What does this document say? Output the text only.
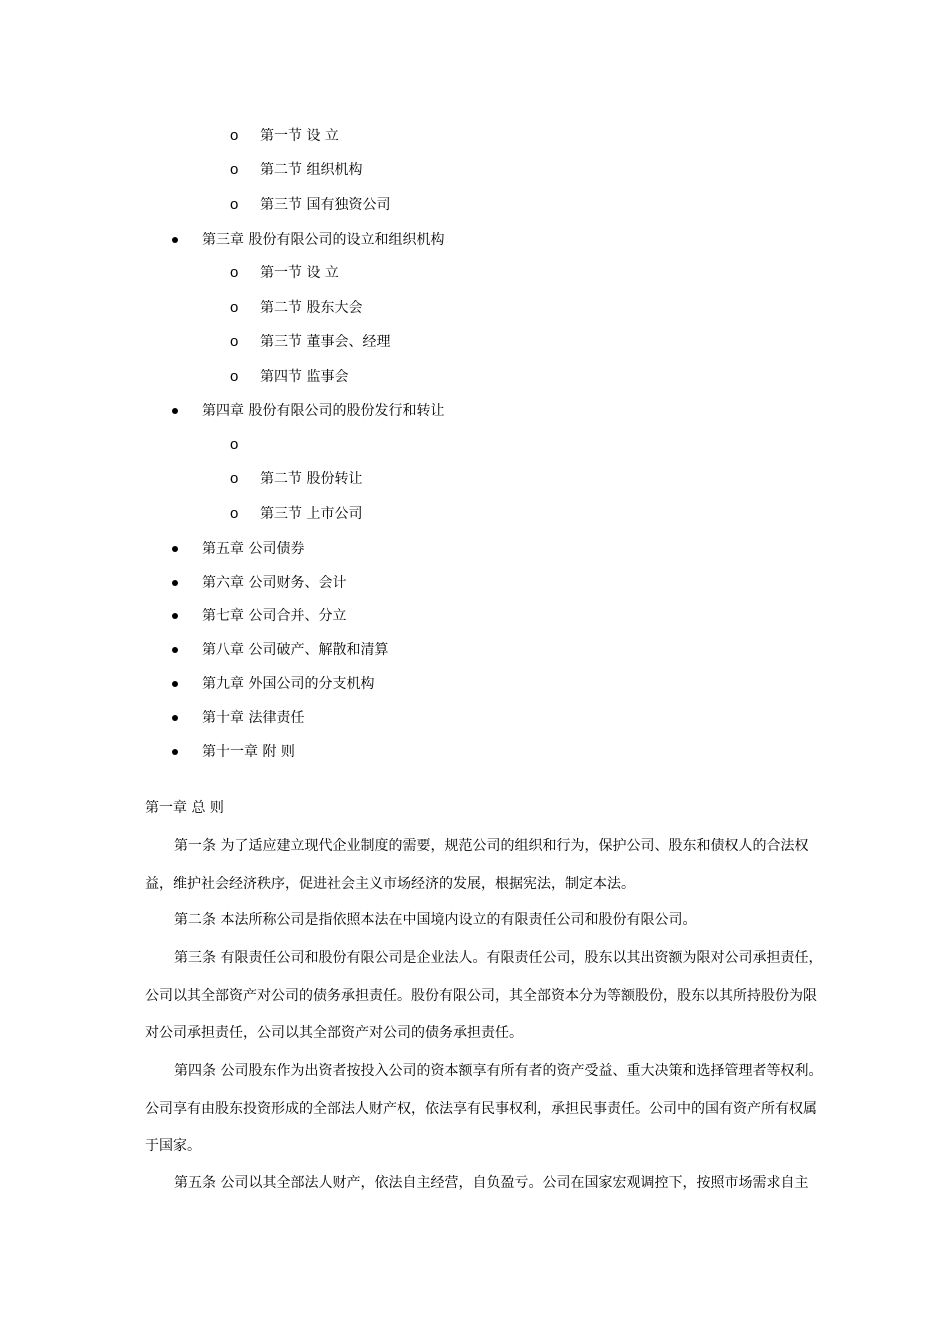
o 第一节 设 立
o 第二节 组织机构
o 第三节 国有独资公司
第三章 股份有限公司的设立和组织机构
o 第一节 设 立
o 第二节 股东大会
o 第三节 董事会、经理
o 第四节 监事会
第四章 股份有限公司的股份发行和转让
o
o 第二节 股份转让
o 第三节 上市公司
第五章 公司债券
第六章 公司财务、会计
第七章 公司合并、分立
第八章 公司破产、解散和清算
第九章 外国公司的分支机构
第十章 法律责任
第十一章 附 则
第一章 总 则
第一条 为了适应建立现代企业制度的需要，规范公司的组织和行为，保护公司、股东和债权人的合法权
益，维护社会经济秩序，促进社会主义市场经济的发展，根据宪法，制定本法。
第二条 本法所称公司是指依照本法在中国境内设立的有限责任公司和股份有限公司。
第三条 有限责任公司和股份有限公司是企业法人。有限责任公司，股东以其出资额为限对公司承担责任，
公司以其全部资产对公司的债务承担责任。股份有限公司，其全部资本分为等额股份，股东以其所持股份为限
对公司承担责任，公司以其全部资产对公司的债务承担责任。
第四条 公司股东作为出资者按投入公司的资本额享有所有者的资产受益、重大决策和选择管理者等权利。
公司享有由股东投资形成的全部法人财产权，依法享有民事权利，承担民事责任。公司中的国有资产所有权属
于国家。
第五条 公司以其全部法人财产，依法自主经营，自负盈亏。公司在国家宏观调控下，按照市场需求自主
